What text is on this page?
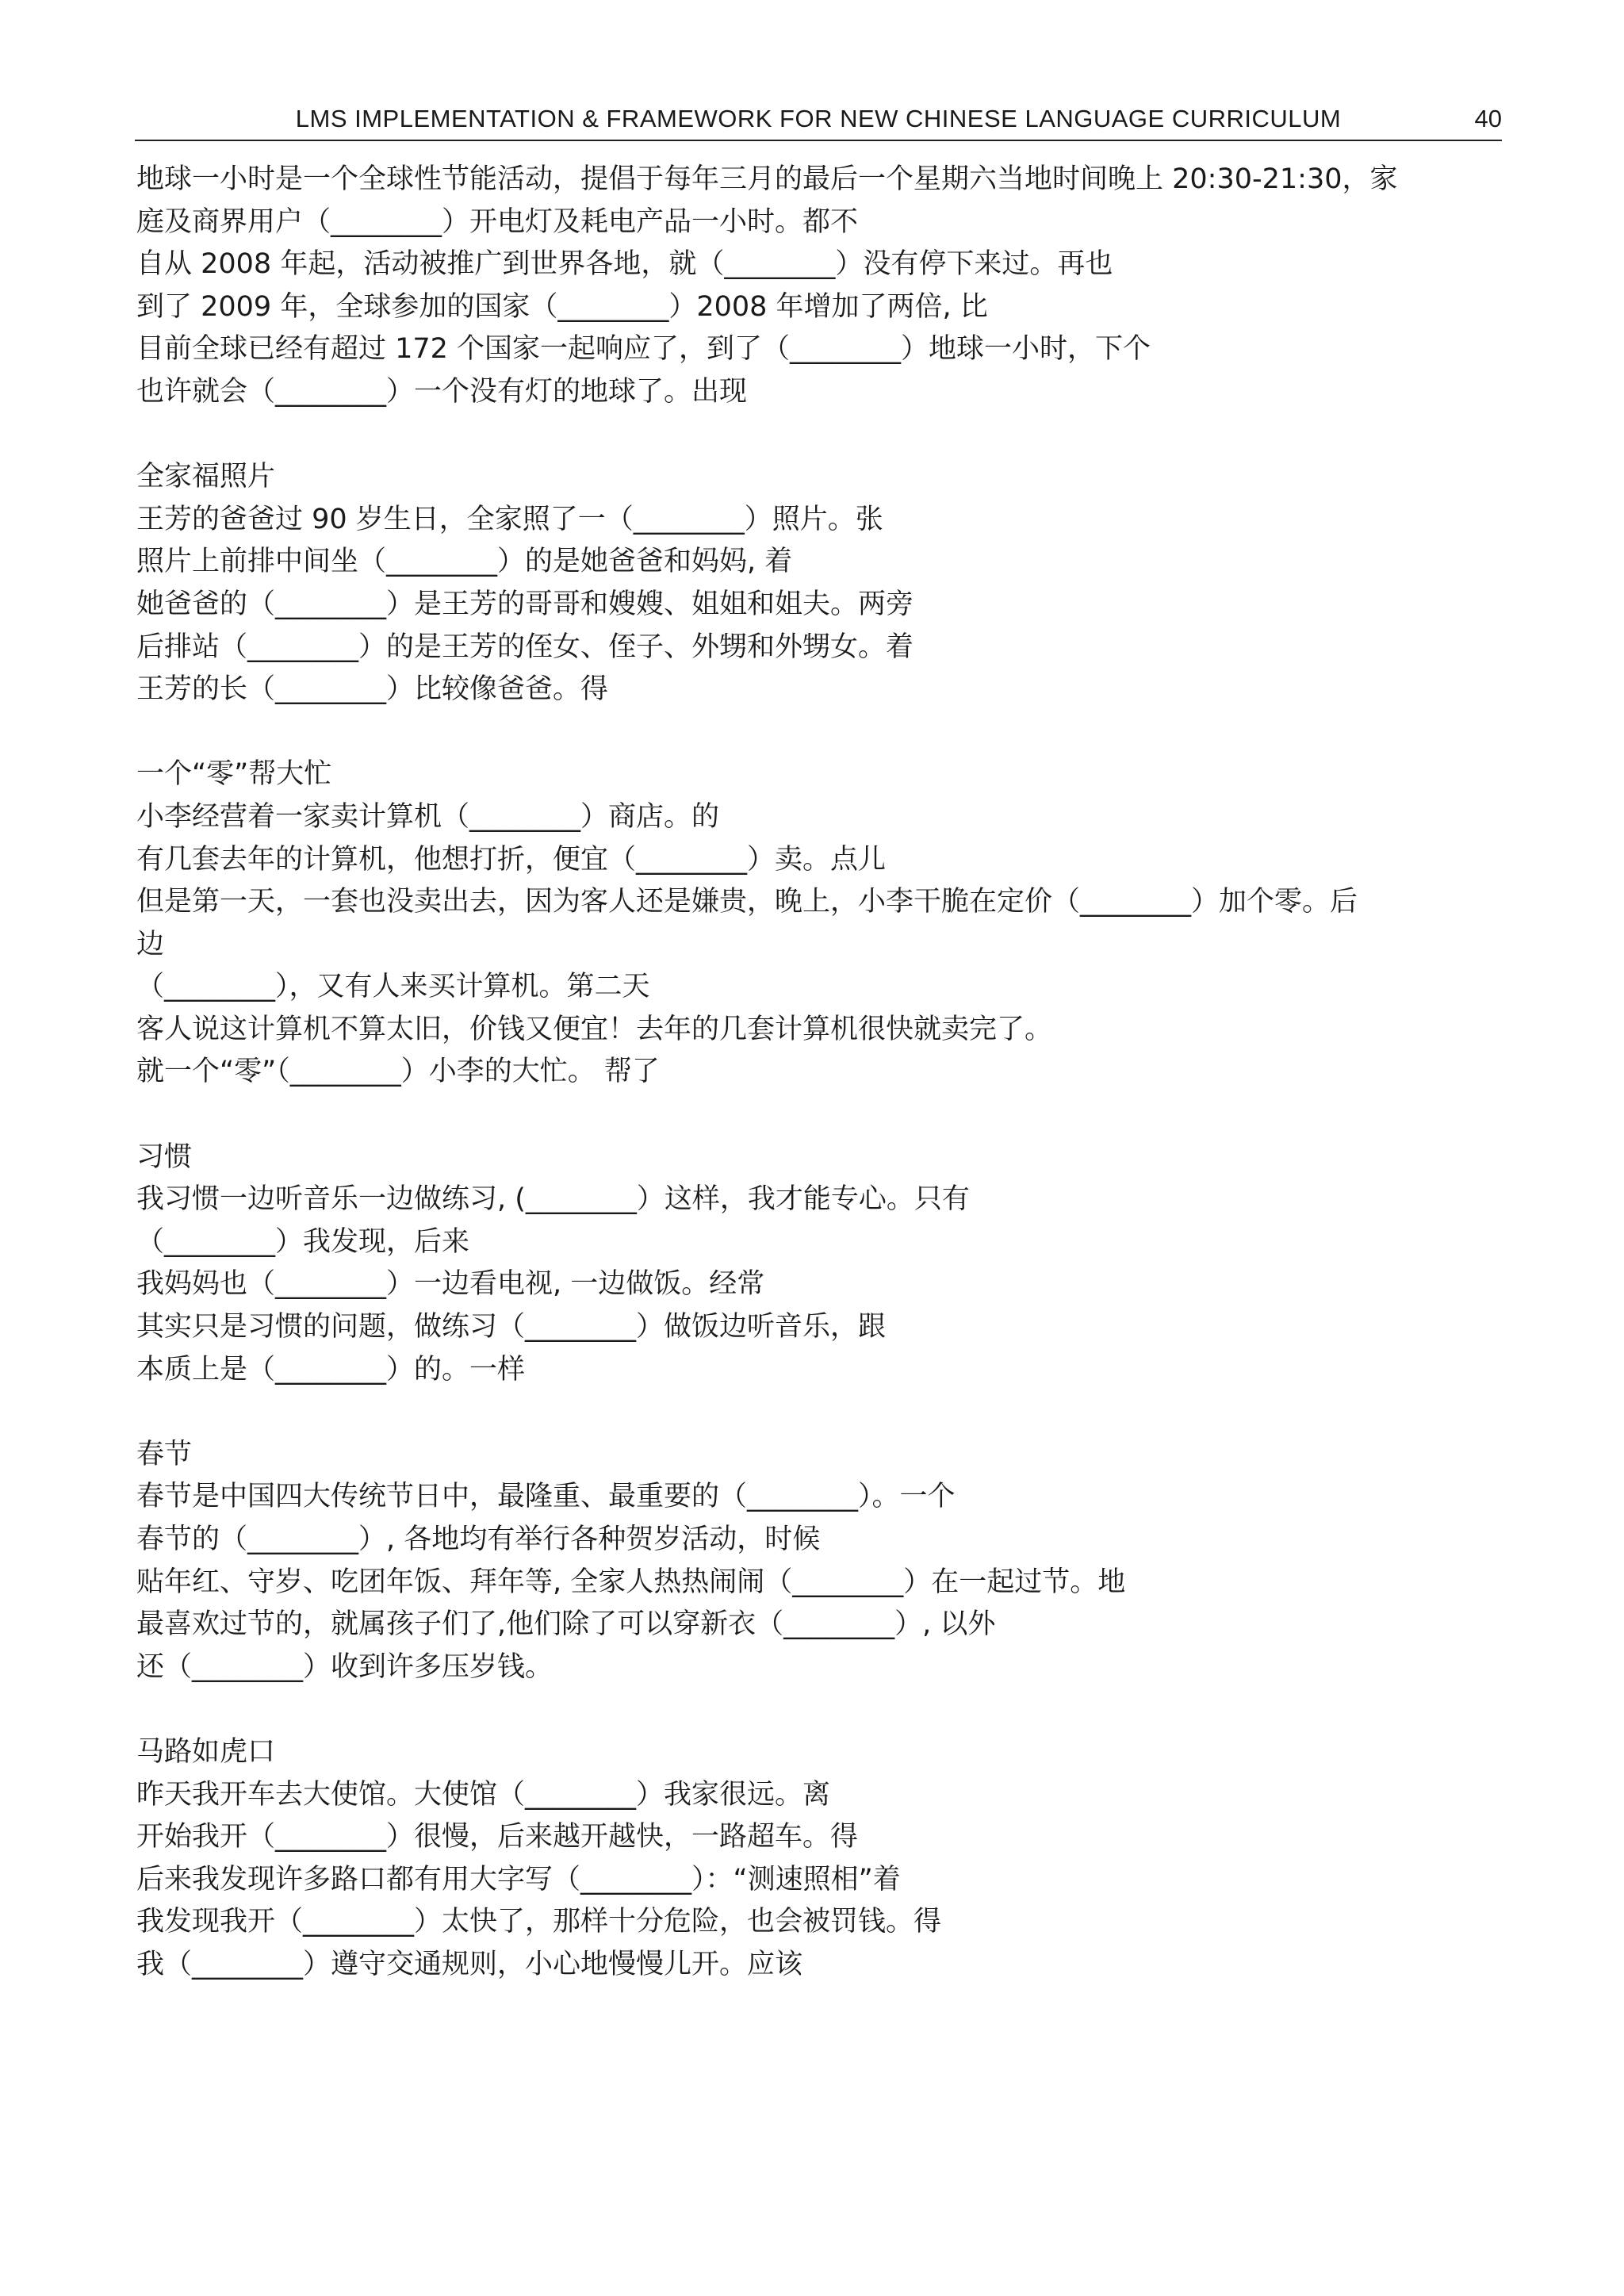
LMS IMPLEMENTATION & FRAMEWORK FOR NEW CHINESE LANGUAGE CURRICULUM	40
地球一小时是一个全球性节能活动，提倡于每年三月的最后一个星期六当地时间晚上 20:30-21:30，家
庭及商界用户（________）开电灯及耗电产品一小时。都不
自从 2008 年起，活动被推广到世界各地，就（________）没有停下来过。再也
到了 2009 年，全球参加的国家（________）2008 年增加了两倍, 比
目前全球已经有超过 172 个国家一起响应了，到了（________）地球一小时，下个
也许就会（________）一个没有灯的地球了。出现
全家福照片
王芳的爸爸过 90 岁生日，全家照了一（________）照片。张
照片上前排中间坐（________）的是她爸爸和妈妈, 着
她爸爸的（________）是王芳的哥哥和嫂嫂、姐姐和姐夫。两旁
后排站（________）的是王芳的侄女、侄子、外甥和外甥女。着
王芳的长（________）比较像爸爸。得
一个“零”帮大忙
小李经营着一家卖计算机（________）商店。的
有几套去年的计算机，他想打折，便宜（________）卖。点儿
但是第一天，一套也没卖出去，因为客人还是嫌贵，晚上，小李干脆在定价（________）加个零。后
边
（________），又有人来买计算机。第二天
客人说这计算机不算太旧，价钱又便宜！去年的几套计算机很快就卖完了。
就一个“零”（________）小李的大忙。 帮了
习惯
我习惯一边听音乐一边做练习, (________）这样，我才能专心。只有
（________）我发现，后来
我妈妈也（________）一边看电视, 一边做饭。经常
其实只是习惯的问题，做练习（________）做饭边听音乐，跟
本质上是（________）的。一样
春节
春节是中国四大传统节日中，最隆重、最重要的（________）。一个
春节的（________）, 各地均有举行各种贺岁活动，时候
贴年红、守岁、吃团年饭、拜年等, 全家人热热闹闹（________）在一起过节。地
最喜欢过节的，就属孩子们了,他们除了可以穿新衣（________）, 以外
还（________）收到许多压岁钱。
马路如虎口
昨天我开车去大使馆。大使馆（________）我家很远。离
开始我开（________）很慢，后来越开越快，一路超车。得
后来我发现许多路口都有用大字写（________）：“测速照相”着
我发现我开（________）太快了，那样十分危险，也会被罚钱。得
我（________）遵守交通规则，小心地慢慢儿开。应该
